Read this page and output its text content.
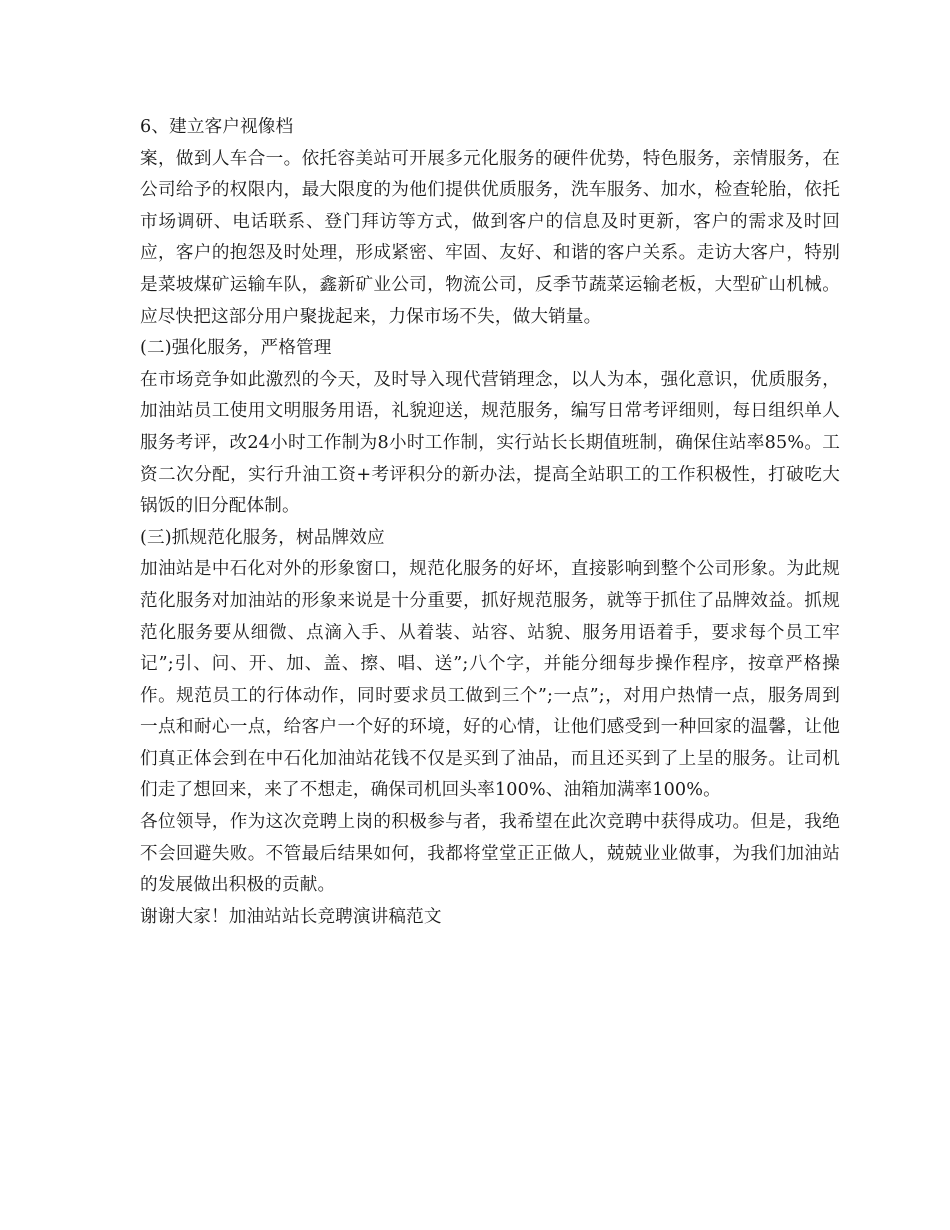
6、建立客户视像档

案，做到人车合一。依托容美站可开展多元化服务的硬件优势，特色服务，亲情服务，在公司给予的权限内，最大限度的为他们提供优质服务，洗车服务、加水，检查轮胎，依托市场调研、电话联系、登门拜访等方式，做到客户的信息及时更新，客户的需求及时回应，客户的抱怨及时处理，形成紧密、牢固、友好、和谐的客户关系。走访大客户，特别是菜坡煤矿运输车队，鑫新矿业公司，物流公司，反季节蔬菜运输老板，大型矿山机械。应尽快把这部分用户聚拢起来，力保市场不失，做大销量。

(二)强化服务，严格管理

在市场竞争如此激烈的今天，及时导入现代营销理念，以人为本，强化意识，优质服务，加油站员工使用文明服务用语，礼貌迎送，规范服务，编写日常考评细则，每日组织单人服务考评，改24小时工作制为8小时工作制，实行站长长期值班制，确保住站率85%。工资二次分配，实行升油工资+考评积分的新办法，提高全站职工的工作积极性，打破吃大锅饭的旧分配体制。

(三)抓规范化服务，树品牌效应

加油站是中石化对外的形象窗口，规范化服务的好坏，直接影响到整个公司形象。为此规范化服务对加油站的形象来说是十分重要，抓好规范服务，就等于抓住了品牌效益。抓规范化服务要从细微、点滴入手、从着装、站容、站貌、服务用语着手，要求每个员工牢记”;引、问、开、加、盖、擦、唱、送”;八个字，并能分细每步操作程序，按章严格操作。规范员工的行体动作，同时要求员工做到三个”;一点”;，对用户热情一点，服务周到一点和耐心一点，给客户一个好的环境，好的心情，让他们感受到一种回家的温馨，让他们真正体会到在中石化加油站花钱不仅是买到了油品，而且还买到了上呈的服务。让司机们走了想回来，来了不想走，确保司机回头率100%、油箱加满率100%。

各位领导，作为这次竞聘上岗的积极参与者，我希望在此次竞聘中获得成功。但是，我绝不会回避失败。不管最后结果如何，我都将堂堂正正做人，兢兢业业做事，为我们加油站的发展做出积极的贡献。

谢谢大家！加油站站长竞聘演讲稿范文
